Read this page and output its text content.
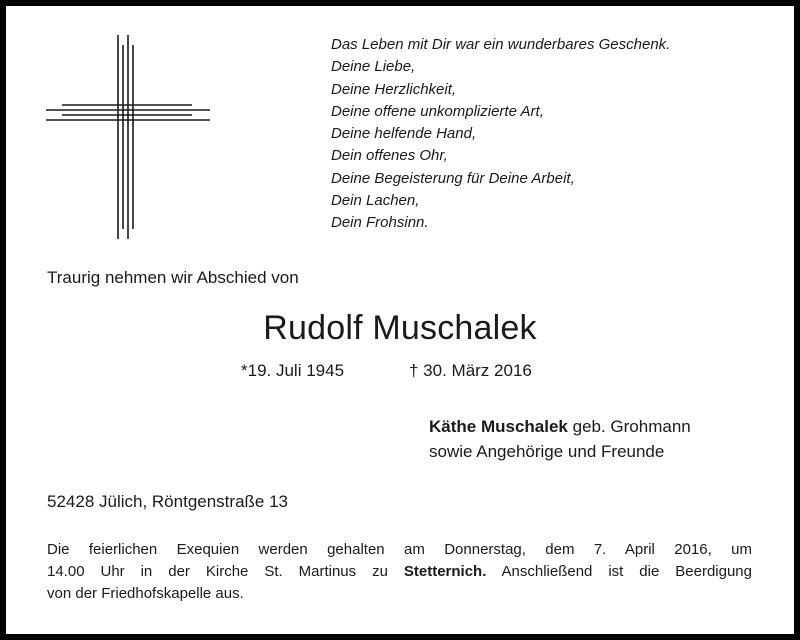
Das Leben mit Dir war ein wunderbares Geschenk.
Deine Liebe,
Deine Herzlichkeit,
Deine offene unkomplizierte Art,
Deine helfende Hand,
Dein offenes Ohr,
Deine Begeisterung für Deine Arbeit,
Dein Lachen,
Dein Frohsinn.
Traurig nehmen wir Abschied von
Rudolf Muschalek
*19. Juli 1945	† 30. März 2016
Käthe Muschalek geb. Grohmann
sowie Angehörige und Freunde
52428 Jülich, Röntgenstraße 13
Die feierlichen Exequien werden gehalten am Donnerstag, dem 7. April 2016, um
14.00 Uhr in der Kirche St. Martinus zu Stetternich. Anschließend ist die Beerdigung
von der Friedhofskapelle aus.
